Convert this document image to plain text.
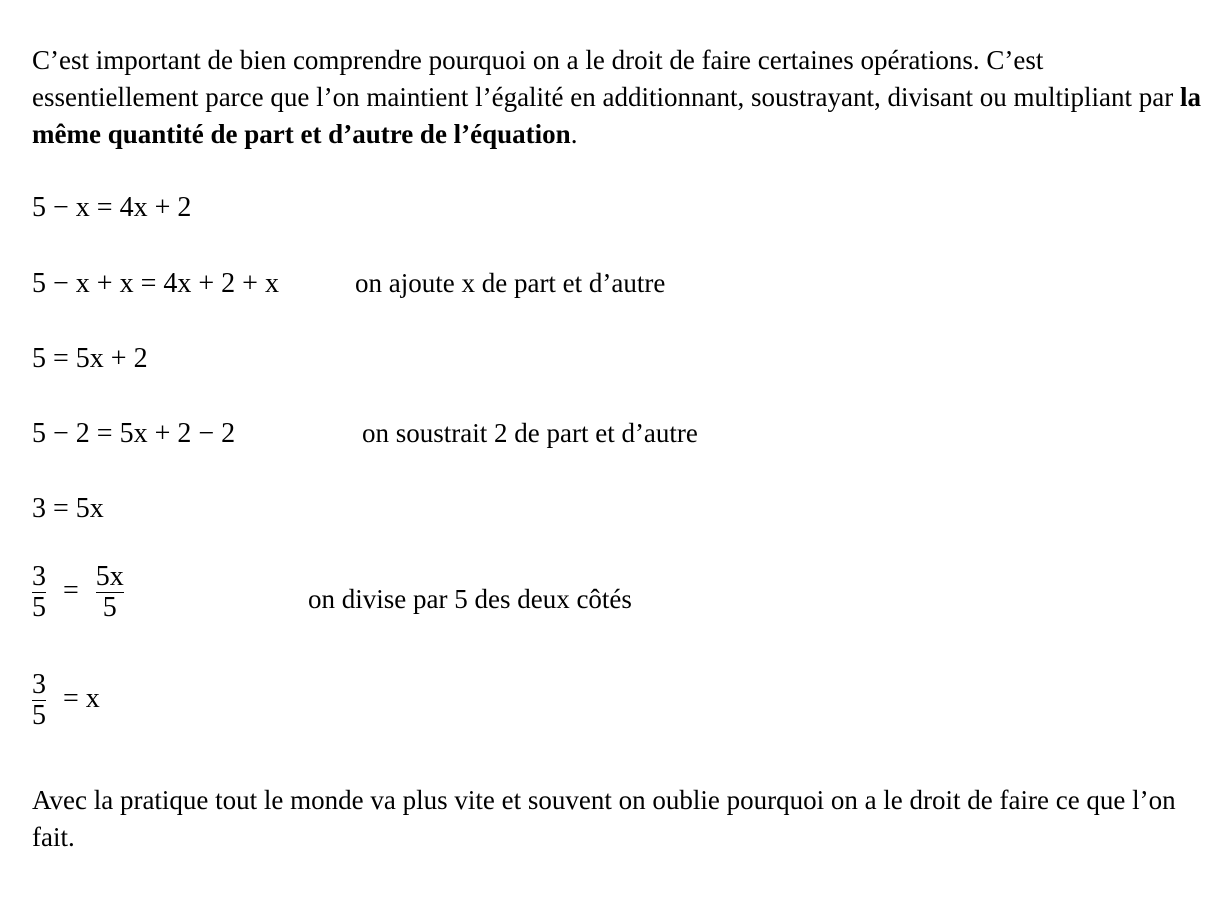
C’est important de bien comprendre pourquoi on a le droit de faire certaines opérations. C’est essentiellement parce que l’on maintient l’égalité en additionnant, soustrayant, divisant ou multipliant par la même quantité de part et d’autre de l’équation.

5 − x = 4x + 2
5 − x + x = 4x + 2 + x	on ajoute x de part et d’autre
5 = 5x + 2
5 − 2 = 5x + 2 − 2	on soustrait 2 de part et d’autre
3 = 5x
$\frac{3}{5} = \frac{5x}{5}$	on divise par 5 des deux côtés
$\frac{3}{5} = x$

Avec la pratique tout le monde va plus vite et souvent on oublie pourquoi on a le droit de faire ce que l’on fait.
